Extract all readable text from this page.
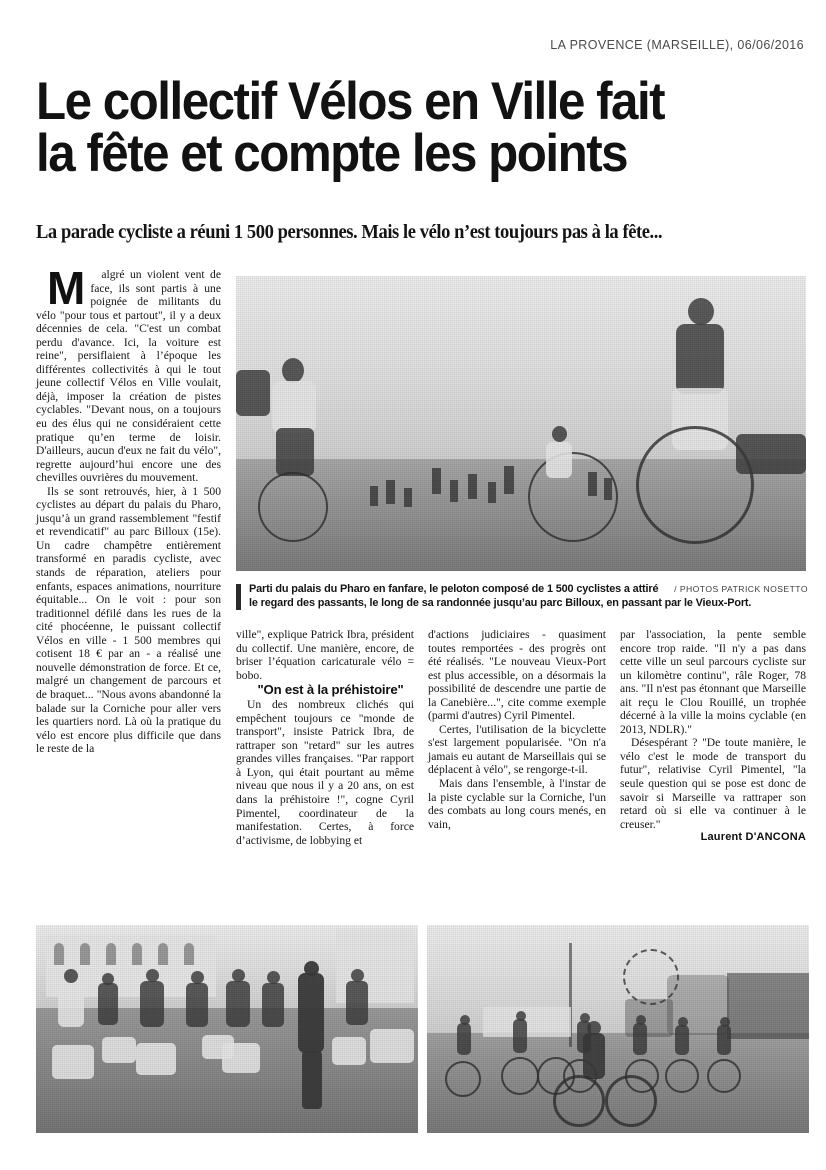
LA PROVENCE (MARSEILLE), 06/06/2016
Le collectif Vélos en Ville fait
la fête et compte les points
La parade cycliste a réuni 1 500 personnes. Mais le vélo n’est toujours pas à la fête...

M algré un violent vent de face, ils sont partis à une poignée de militants du vélo "pour tous et partout", il y a deux décennies de cela. "C'est un combat perdu d'avance. Ici, la voiture est reine", persiflaient à l’époque les différentes collectivités à qui le tout jeune collectif Vélos en Ville voulait, déjà, imposer la création de pistes cyclables. "Devant nous, on a toujours eu des élus qui ne considéraient cette pratique qu’en terme de loisir. D'ailleurs, aucun d'eux ne fait du vélo", regrette aujourd’hui encore une des chevilles ouvrières du mouvement.

Ils se sont retrouvés, hier, à 1 500 cyclistes au départ du palais du Pharo, jusqu’à un grand rassemblement "festif et revendicatif" au parc Billoux (15e). Un cadre champêtre entièrement transformé en paradis cycliste, avec stands de réparation, ateliers pour enfants, espaces animations, nourriture équitable... On le voit : pour son traditionnel défilé dans les rues de la cité phocéenne, le puissant collectif Vélos en ville - 1 500 membres qui cotisent 18 € par an - a réalisé une nouvelle démonstration de force. Et ce, malgré un changement de parcours et de braquet... "Nous avons abandonné la balade sur la Corniche pour aller vers les quartiers nord. Là où la pratique du vélo est encore plus difficile que dans le reste de la

/ PHOTOS PATRICK NOSETTO
Parti du palais du Pharo en fanfare, le peloton composé de 1 500 cyclistes a attiré le regard des passants, le long de sa randonnée jusqu’au parc Billoux, en passant par le Vieux-Port.

ville", explique Patrick Ibra, président du collectif. Une manière, encore, de briser l’équation caricaturale vélo = bobo.

"On est à la préhistoire"

Un des nombreux clichés qui empêchent toujours ce "monde de transport", insiste Patrick Ibra, de rattraper son "retard" sur les autres grandes villes françaises. "Par rapport à Lyon, qui était pourtant au même niveau que nous il y a 20 ans, on est dans la préhistoire !", cogne Cyril Pimentel, coordinateur de la manifestation. Certes, à force d’activisme, de lobbying et

d'actions judiciaires - quasiment toutes remportées - des progrès ont été réalisés. "Le nouveau Vieux-Port est plus accessible, on a désormais la possibilité de descendre une partie de la Canebière...", cite comme exemple (parmi d'autres) Cyril Pimentel.

Certes, l'utilisation de la bicyclette s'est largement popularisée. "On n'a jamais eu autant de Marseillais qui se déplacent à vélo", se rengorge-t-il.

Mais dans l'ensemble, à l'instar de la piste cyclable sur la Corniche, l'un des combats au long cours menés, en vain,

par l'association, la pente semble encore trop raide. "Il n'y a pas dans cette ville un seul parcours cycliste sur un kilomètre continu", râle Roger, 78 ans. "Il n'est pas étonnant que Marseille ait reçu le Clou Rouillé, un trophée décerné à la ville la moins cyclable (en 2013, NDLR)."

Désespérant ? "De toute manière, le vélo c'est le mode de transport du futur", relativise Cyril Pimentel, "la seule question qui se pose est donc de savoir si Marseille va rattraper son retard où si elle va continuer à le creuser."

Laurent D'ANCONA
